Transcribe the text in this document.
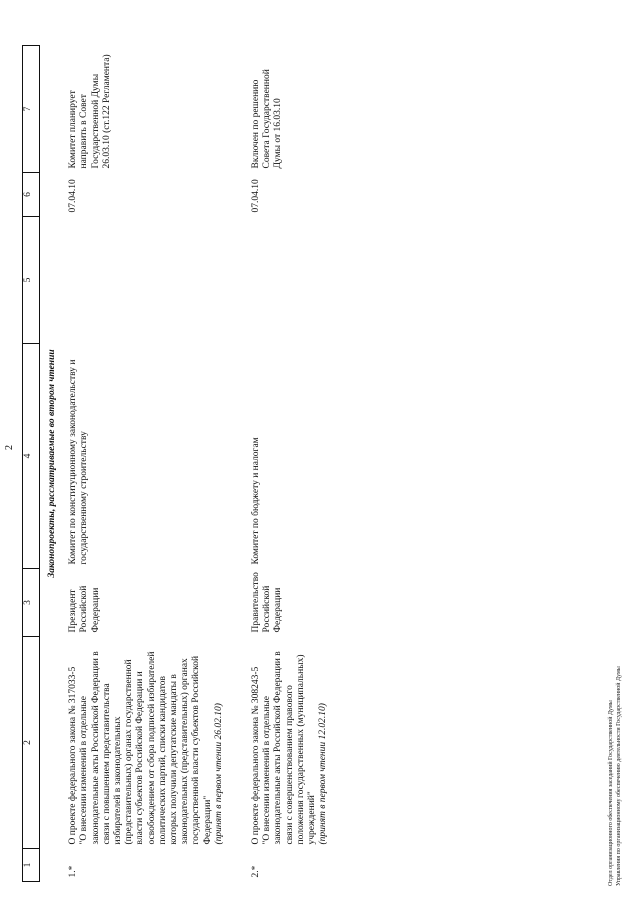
2
1	2	3	4	5	6	7
Законопроекты, рассматриваемые во втором чтении						
1.*	О проекте федерального закона № 317033-5 "О внесении изменений в отдельные законодательные акты Российской Федерации в связи с повышением представительства избирателей в законодательных (представительных) органах государственной власти субъектов Российской Федерации и освобождением от сбора подписей избирателей политических партий, списки кандидатов которых получили депутатские мандаты в законодательных (представительных) органах государственной власти субъектов Российской Федерации" (принят в первом чтении 26.02.10)	Президент Российской Федерации	Комитет по конституционному законодательству и государственному строительству		07.04.10	Комитет планирует направить в Совет Государственной Думы 26.03.10 (ст.122 Регламента)
2.*	О проекте федерального закона № 308243-5 "О внесении изменений в отдельные законодательные акты Российской Федерации в связи с совершенствованием правового положения государственных (муниципальных) учреждений" (принят в первом чтении 12.02.10)	Правительство Российской Федерации	Комитет по бюджету и налогам		07.04.10	Включен по решению Совета Государственной Думы от 16.03.10
Отдел организационного обеспечения заседаний Государственной Думы Управления по организационному обеспечению деятельности Государственной Думы
